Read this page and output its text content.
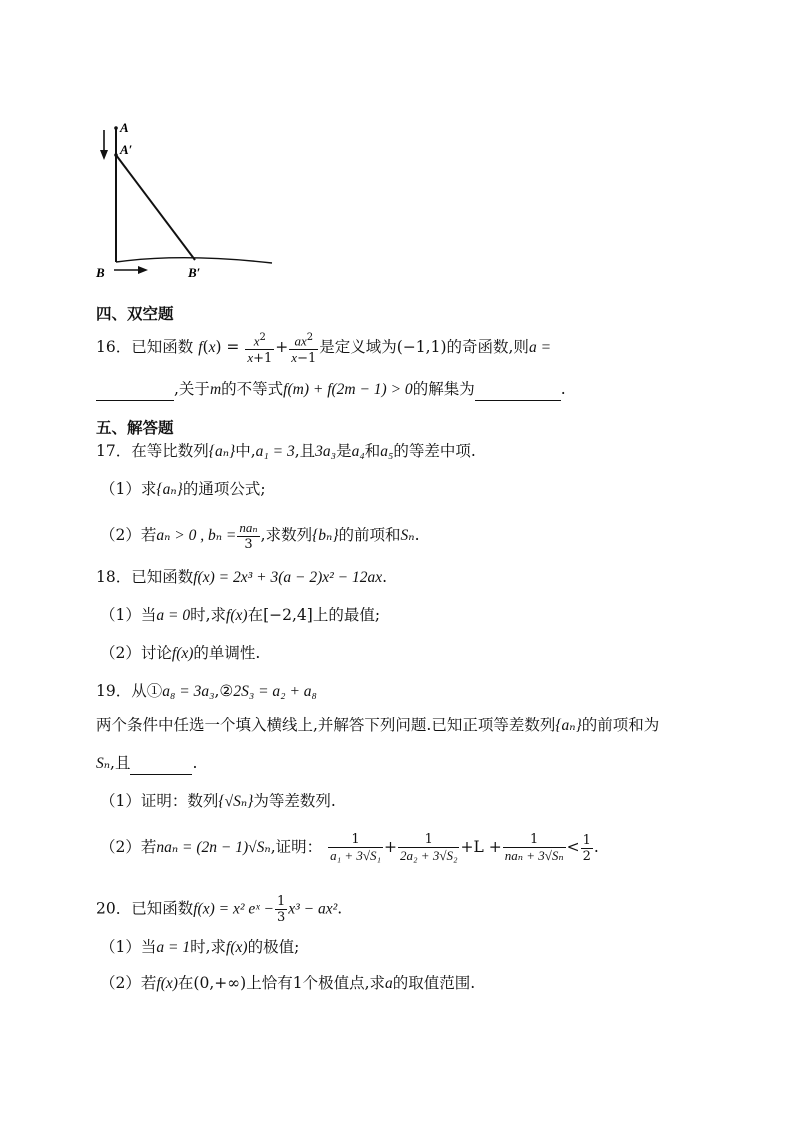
A
A′
B	B′
四、双空题
16．已知函数 $f(x) = \frac{x^2}{x+1} + \frac{ax^2}{x-1}$ 是定义域为(−1,1)的奇函数,则a =
,关于m的不等式f(m) + f(2m − 1) > 0的解集为	.
五、解答题
17．在等比数列{aₙ}中,a₁ = 3,且3a₃是a₄和a₅的等差中项.
（1）求{aₙ}的通项公式;
（2）若aₙ > 0 , $b_n = \frac{\text{naₙ}}{3}$ ,求数列{bₙ}的前项和Sₙ.
18．已知函数f(x) = 2x³ + 3(a − 2)x² − 12ax.
（1）当a = 0时,求f(x)在[−2,4]上的最值;
（2）讨论f(x)的单调性.
19．从①a₈ = 3a₃,②2S₃ = a₂ + a₈
两个条件中任选一个填入横线上,并解答下列问题.已知正项等差数列{aₙ}的前项和为
Sₙ,且	.
（1）证明：数列{√Sₙ}为等差数列.
（2）若naₙ = (2n − 1)√Sₙ,证明： $\frac{1}{\text{a₁ + 3√S₁}} + \frac{1}{\text{2a₂ + 3√S₂}} +L + \frac{1}{\text{naₙ + 3√Sₙ}} < \frac{1}{2}$ .
20．已知函数f(x) = x² eˣ − $\frac{1}{3} x^3 - ax^2$.
（1）当a = 1时,求f(x)的极值;
（2）若f(x)在(0,+∞)上恰有1个极值点,求a的取值范围.
